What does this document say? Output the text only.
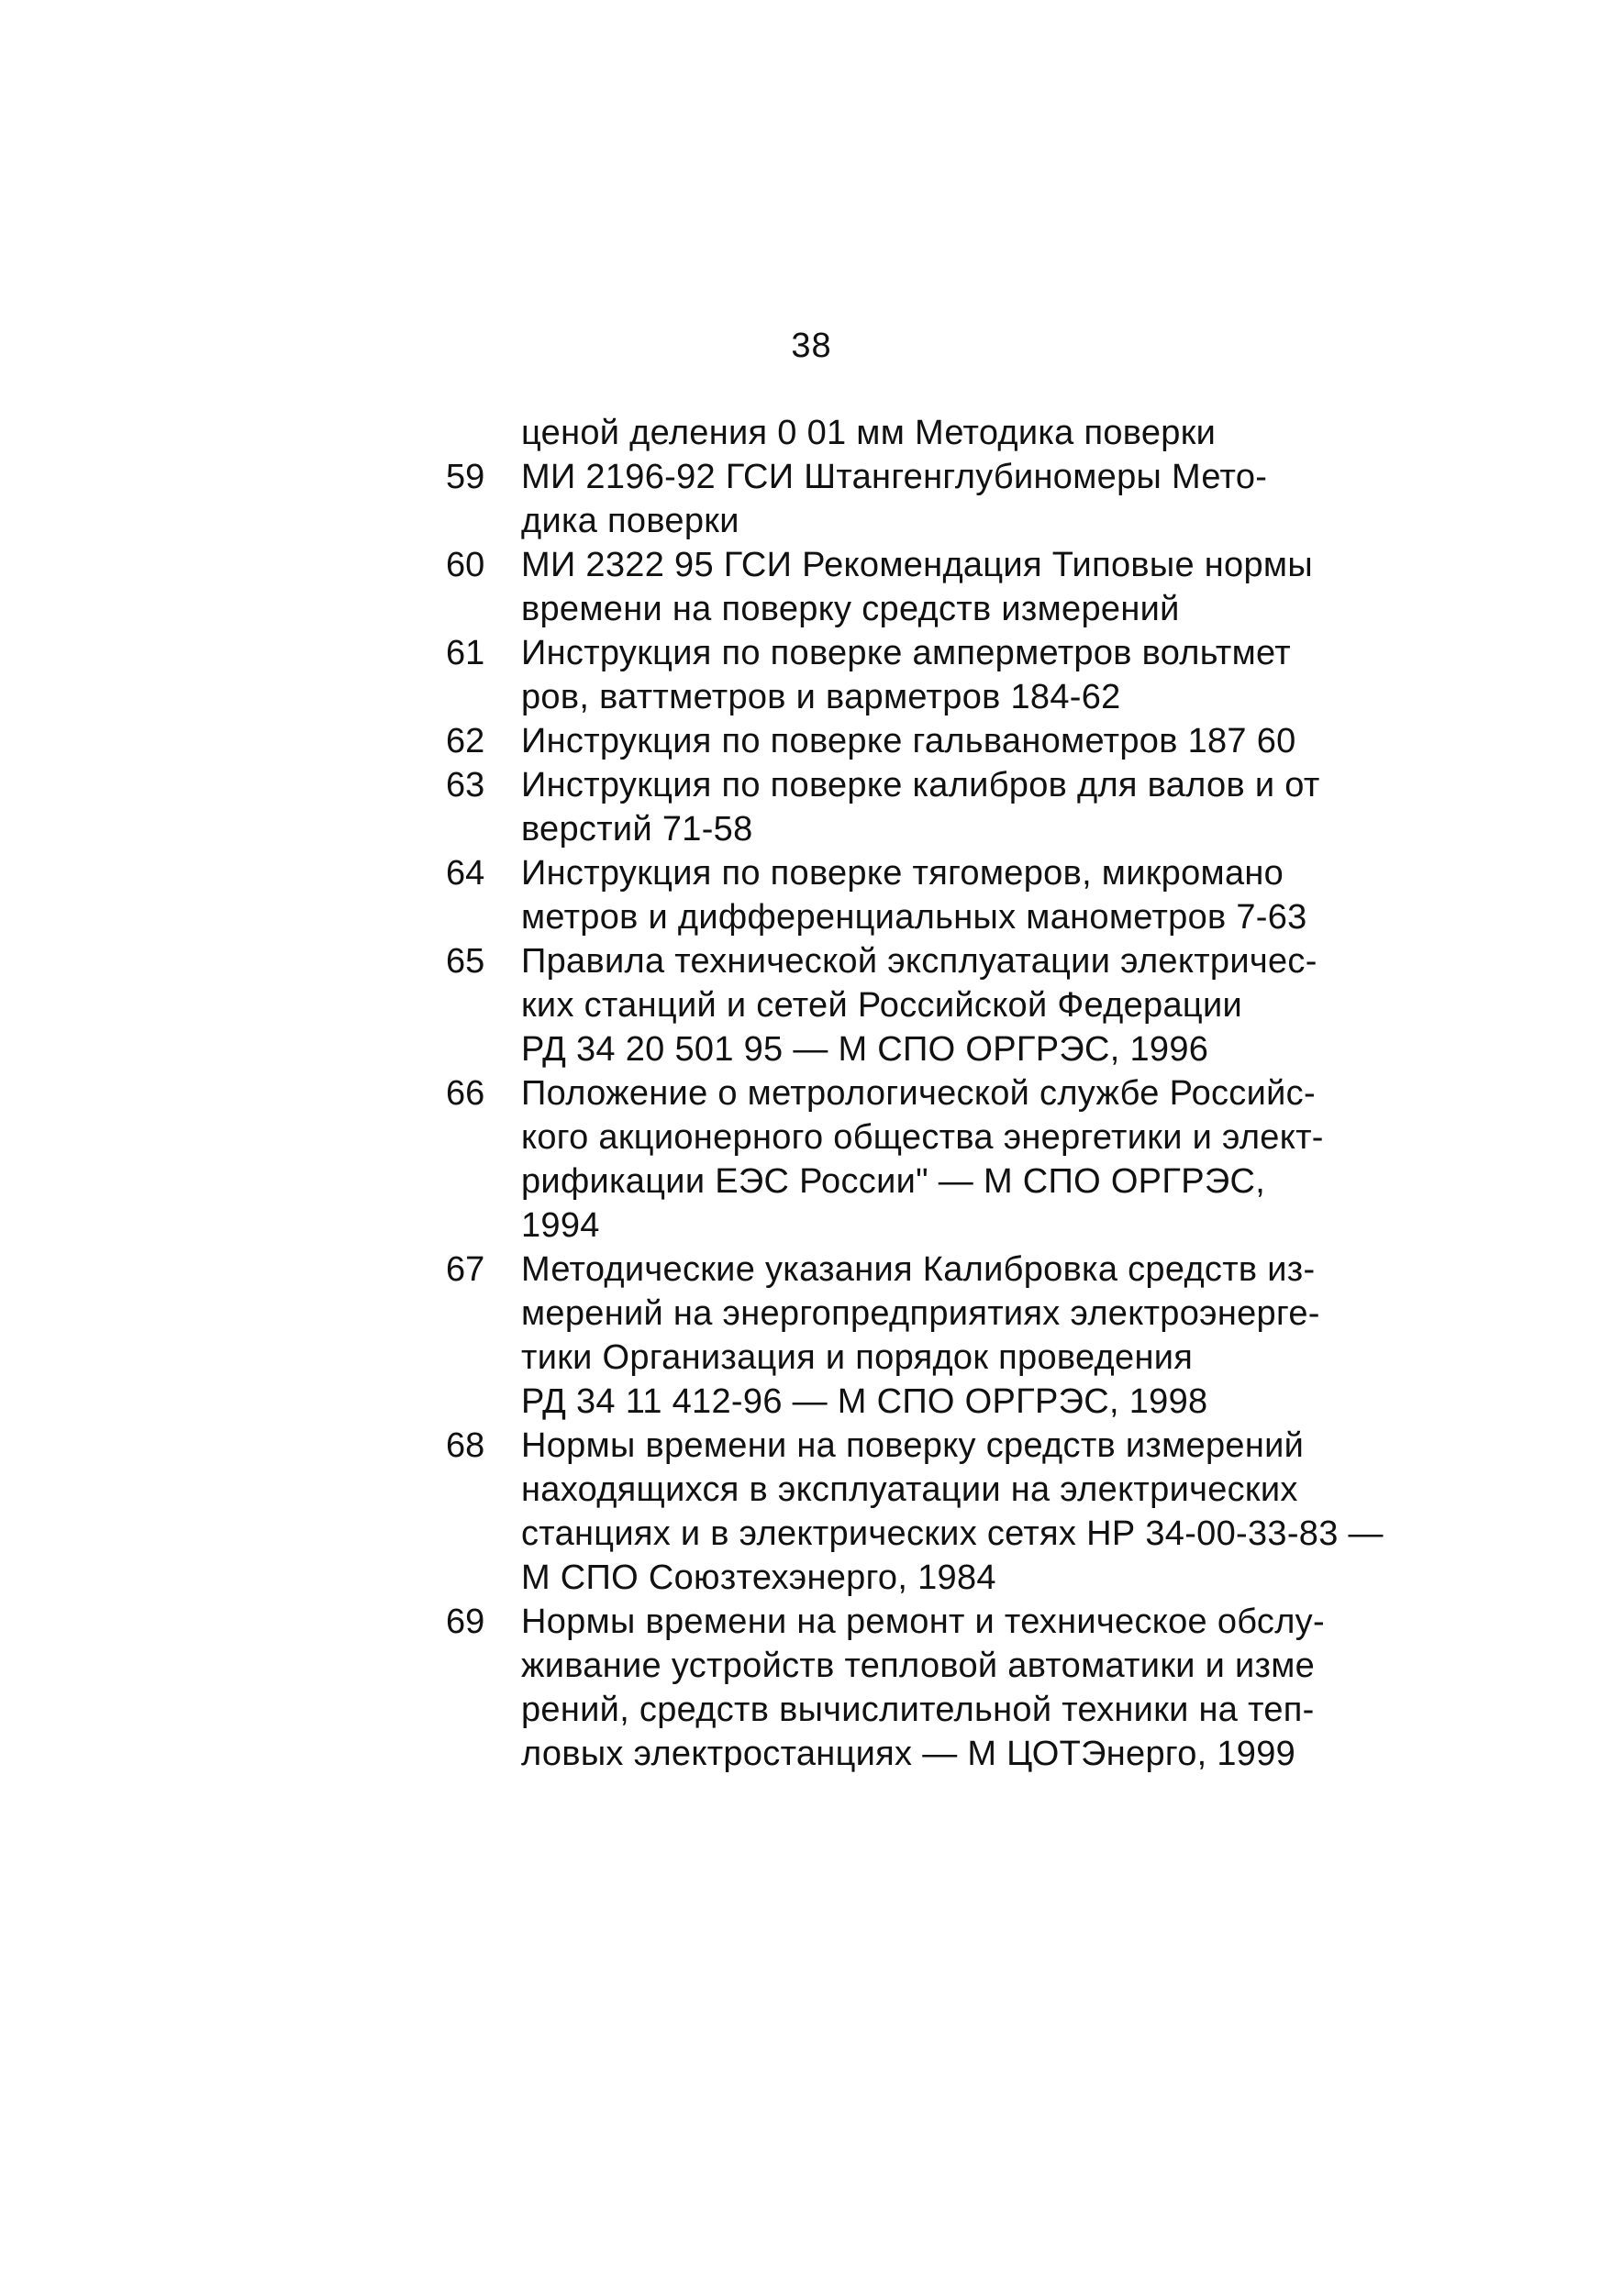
38
ценой деления 0 01 мм Методика поверки
59	МИ 2196-92 ГСИ Штангенглубиномеры Мето-
дика поверки
60	МИ 2322 95 ГСИ Рекомендация Типовые нормы
времени на поверку средств измерений
61	Инструкция по поверке амперметров вольтмет
ров, ваттметров и варметров 184-62
62	Инструкция по поверке гальванометров 187 60
63	Инструкция по поверке калибров для валов и от
верстий 71-58
64	Инструкция по поверке тягомеров, микромано
метров и дифференциальных манометров 7-63
65	Правила технической эксплуатации электричес-
ких станций и сетей Российской Федерации
РД 34 20 501 95 — М СПО ОРГРЭС, 1996
66	Положение о метрологической службе Российс-
кого акционерного общества энергетики и элект-
рификации ЕЭС России" — М СПО ОРГРЭС,
1994
67	Методические указания Калибровка средств из-
мерений на энергопредприятиях электроэнерге-
тики Организация и порядок проведения
РД 34 11 412-96 — М СПО ОРГРЭС, 1998
68	Нормы времени на поверку средств измерений
находящихся в эксплуатации на электрических
станциях и в электрических сетях НР 34-00-33-83 —
М СПО Союзтехэнерго, 1984
69	Нормы времени на ремонт и техническое обслу-
живание устройств тепловой автоматики и изме
рений, средств вычислительной техники на теп-
ловых электростанциях — М ЦОТЭнерго, 1999
